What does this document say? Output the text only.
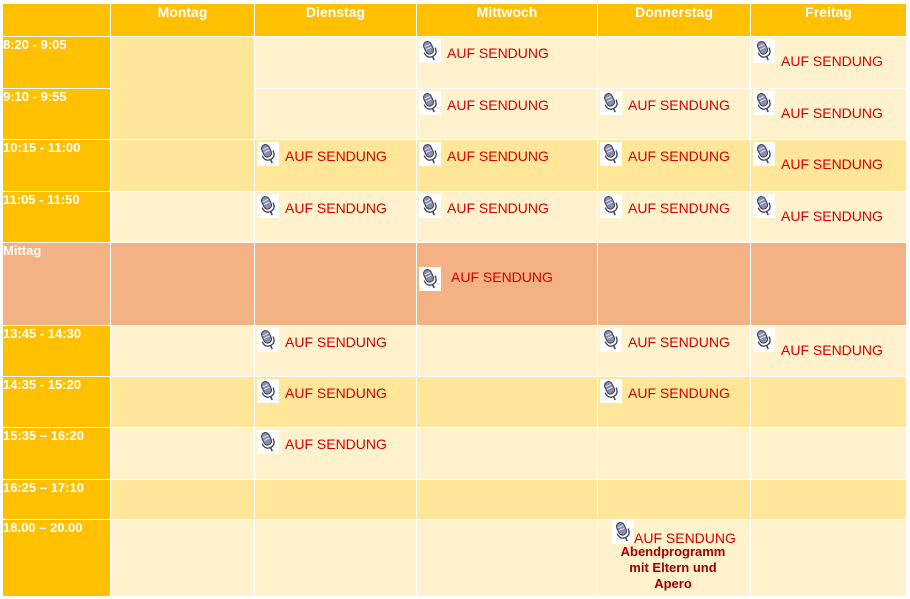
	Montag	Dienstag	Mittwoch	Donnerstag	Freitag
8:20 - 9:05			AUF SENDUNG		AUF SENDUNG

9:10 - 9:55			AUF SENDUNG	AUF SENDUNG	AUF SENDUNG

10:15 - 11:00		AUF SENDUNG	AUF SENDUNG	AUF SENDUNG	AUF SENDUNG

11:05 - 11:50		AUF SENDUNG	AUF SENDUNG	AUF SENDUNG	AUF SENDUNG

Mittag			AUF SENDUNG		

13:45 - 14:30		AUF SENDUNG		AUF SENDUNG	AUF SENDUNG

14:35 - 15:20		AUF SENDUNG		AUF SENDUNG	

15:35 – 16:20		AUF SENDUNG			

16:25 – 17:10					
18.00 – 20.00				AUF SENDUNG
Abendprogramm mit Eltern und Apero	
